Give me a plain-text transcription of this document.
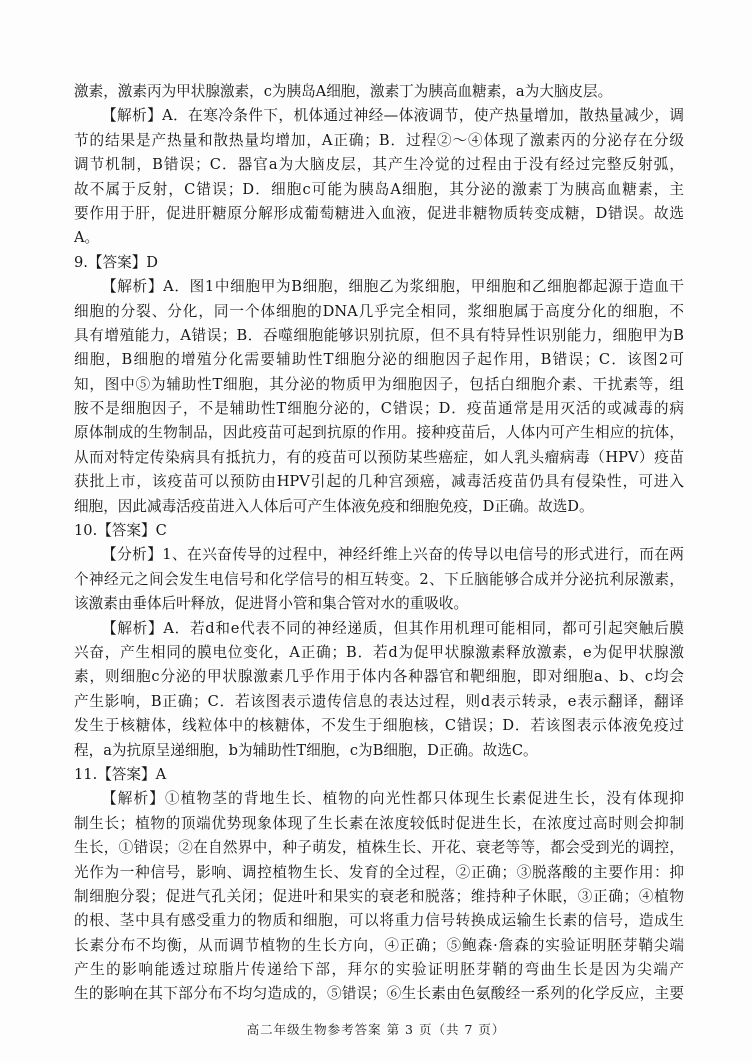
激素，激素丙为甲状腺激素，c为胰岛A细胞，激素丁为胰高血糖素，a为大脑皮层。
【解析】A．在寒冷条件下，机体通过神经—体液调节，使产热量增加，散热量减少，调
节的结果是产热量和散热量均增加，A正确；B．过程②～④体现了激素丙的分泌存在分级
调节机制，B错误；C．器官a为大脑皮层，其产生冷觉的过程由于没有经过完整反射弧，
故不属于反射，C错误；D．细胞c可能为胰岛A细胞，其分泌的激素丁为胰高血糖素，主
要作用于肝，促进肝糖原分解形成葡萄糖进入血液，促进非糖物质转变成糖，D错误。故选
A。
9.【答案】D
【解析】A．图1中细胞甲为B细胞，细胞乙为浆细胞，甲细胞和乙细胞都起源于造血干
细胞的分裂、分化，同一个体细胞的DNA几乎完全相同，浆细胞属于高度分化的细胞，不
具有增殖能力，A错误；B．吞噬细胞能够识别抗原，但不具有特异性识别能力，细胞甲为B
细胞，B细胞的增殖分化需要辅助性T细胞分泌的细胞因子起作用，B错误；C．该图2可
知，图中⑤为辅助性T细胞，其分泌的物质甲为细胞因子，包括白细胞介素、干扰素等，组
胺不是细胞因子，不是辅助性T细胞分泌的，C错误；D．疫苗通常是用灭活的或减毒的病
原体制成的生物制品，因此疫苗可起到抗原的作用。接种疫苗后，人体内可产生相应的抗体，
从而对特定传染病具有抵抗力，有的疫苗可以预防某些癌症，如人乳头瘤病毒（HPV）疫苗
获批上市，该疫苗可以预防由HPV引起的几种宫颈癌，减毒活疫苗仍具有侵染性，可进入
细胞，因此减毒活疫苗进入人体后可产生体液免疫和细胞免疫，D正确。故选D。
10.【答案】C
【分析】1、在兴奋传导的过程中，神经纤维上兴奋的传导以电信号的形式进行，而在两
个神经元之间会发生电信号和化学信号的相互转变。2、下丘脑能够合成并分泌抗利尿激素，
该激素由垂体后叶释放，促进肾小管和集合管对水的重吸收。
【解析】A．若d和e代表不同的神经递质，但其作用机理可能相同，都可引起突触后膜
兴奋，产生相同的膜电位变化，A正确；B．若d为促甲状腺激素释放激素，e为促甲状腺激
素，则细胞c分泌的甲状腺激素几乎作用于体内各种器官和靶细胞，即对细胞a、b、c均会
产生影响，B正确；C．若该图表示遗传信息的表达过程，则d表示转录，e表示翻译，翻译
发生于核糖体，线粒体中的核糖体，不发生于细胞核，C错误；D．若该图表示体液免疫过
程，a为抗原呈递细胞，b为辅助性T细胞，c为B细胞，D正确。故选C。
11.【答案】A
【解析】①植物茎的背地生长、植物的向光性都只体现生长素促进生长，没有体现抑
制生长；植物的顶端优势现象体现了生长素在浓度较低时促进生长，在浓度过高时则会抑制
生长，①错误；②在自然界中，种子萌发，植株生长、开花、衰老等等，都会受到光的调控，
光作为一种信号，影响、调控植物生长、发育的全过程，②正确；③脱落酸的主要作用：抑
制细胞分裂；促进气孔关闭；促进叶和果实的衰老和脱落；维持种子休眠，③正确；④植物
的根、茎中具有感受重力的物质和细胞，可以将重力信号转换成运输生长素的信号，造成生
长素分布不均衡，从而调节植物的生长方向，④正确；⑤鲍森·詹森的实验证明胚芽鞘尖端
产生的影响能透过琼脂片传递给下部，拜尔的实验证明胚芽鞘的弯曲生长是因为尖端产
生的影响在其下部分布不均匀造成的，⑤错误；⑥生长素由色氨酸经一系列的化学反应，主要
高二年级生物参考答案 第 3 页（共 7 页）
